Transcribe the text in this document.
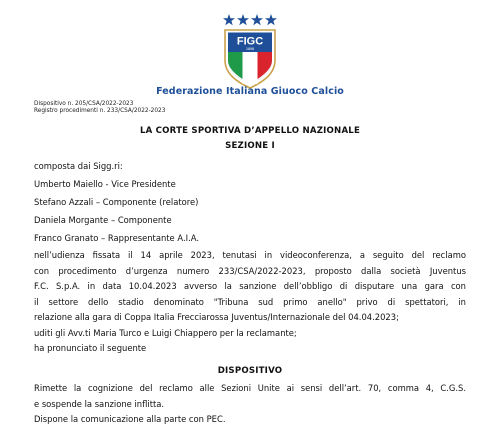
FIGC
1898
Federazione Italiana Giuoco Calcio
Dispositivo n. 205/CSA/2022-2023
Registro procedimenti n. 233/CSA/2022-2023
LA CORTE SPORTIVA D’APPELLO NAZIONALE
SEZIONE I
composta dai Sigg.ri:
Umberto Maiello - Vice Presidente
Stefano Azzali – Componente (relatore)
Daniela Morgante – Componente
Franco Granato – Rappresentante A.I.A.
nell’udienza fissata il 14 aprile 2023, tenutasi in videoconferenza, a seguito del reclamo
con procedimento d’urgenza numero 233/CSA/2022-2023, proposto dalla società Juventus
F.C. S.p.A. in data 10.04.2023 avverso la sanzione dell’obbligo di disputare una gara con
il settore dello stadio denominato "Tribuna sud primo anello" privo di spettatori, in
relazione alla gara di Coppa Italia Frecciarossa Juventus/Internazionale del 04.04.2023;
uditi gli Avv.ti Maria Turco e Luigi Chiappero per la reclamante;
ha pronunciato il seguente
DISPOSITIVO
Rimette la cognizione del reclamo alle Sezioni Unite ai sensi dell’art. 70, comma 4, C.G.S.
e sospende la sanzione inflitta.
Dispone la comunicazione alla parte con PEC.
